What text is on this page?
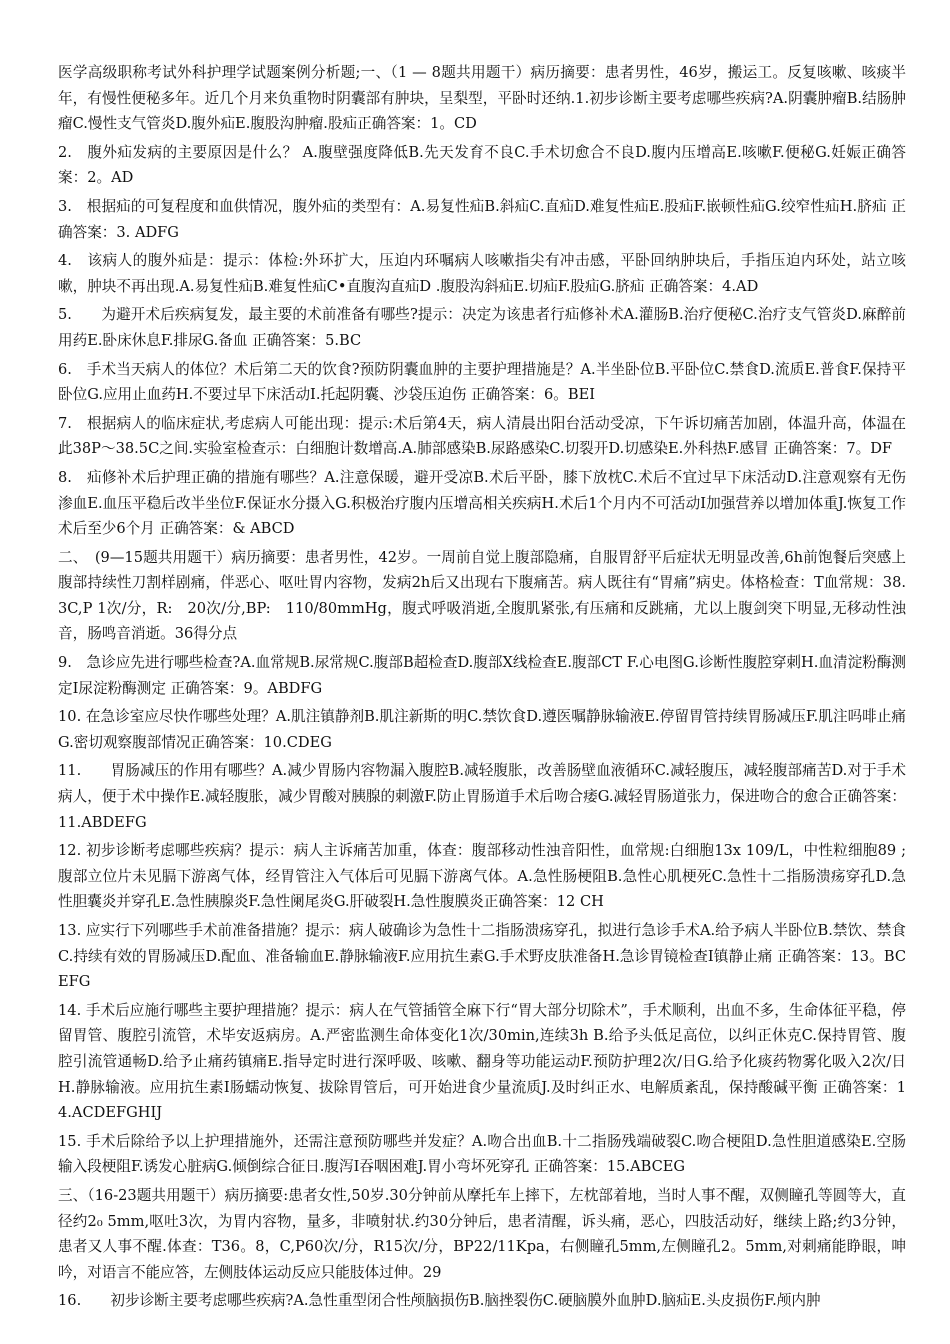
医学高级职称考试外科护理学试题案例分析题;一、（1 — 8题共用题干）病历摘要：患者男性，46岁，搬运工。反复咳嗽、咳痰半年，有慢性便秘多年。近几个月来负重物时阴囊部有肿块，呈梨型，平卧时还纳.1.初步诊断主要考虑哪些疾病?A.阴囊肿瘤B.结肠肿瘤C.慢性支气管炎D.腹外疝E.腹股沟肿瘤.股疝正确答案：1。CD

2.　腹外疝发病的主要原因是什么？ A.腹壁强度降低B.先天发育不良C.手术切愈合不良D.腹内压增高E.咳嗽F.便秘G.妊娠正确答案：2。AD

3.　根据疝的可复程度和血供情况，腹外疝的类型有：A.易复性疝B.斜疝C.直疝D.难复性疝E.股疝F.嵌顿性疝G.绞窄性疝H.脐疝 正确答案：3. ADFG

4.　该病人的腹外疝是：提示：体检:外环扩大，压迫内环嘱病人咳嗽指尖有冲击感，平卧回纳肿块后，手指压迫内环处，站立咳嗽，肿块不再出现.A.易复性疝B.难复性疝C•直腹沟直疝D .腹股沟斜疝E.切疝F.股疝G.脐疝 正确答案：4.AD

5.　　为避开术后疾病复发，最主要的术前准备有哪些?提示：决定为该患者行疝修补术A.灌肠B.治疗便秘C.治疗支气管炎D.麻醉前用药E.卧床休息F.排尿G.备血 正确答案：5.BC

6.　手术当天病人的体位？术后第二天的饮食?预防阴囊血肿的主要护理措施是？A.半坐卧位B.平卧位C.禁食D.流质E.普食F.保持平卧位G.应用止血药H.不要过早下床活动I.托起阴囊、沙袋压迫伤 正确答案：6。BEI

7.　根据病人的临床症状,考虑病人可能出现：提示:术后第4天，病人清晨出阳台活动受凉，下午诉切痛苦加剧，体温升高，体温在此38P〜38.5C之间.实验室检查示：白细胞计数增高.A.肺部感染B.尿路感染C.切裂开D.切感染E.外科热F.感冒 正确答案：7。DF

8.　疝修补术后护理正确的措施有哪些？A.注意保暖，避开受凉B.术后平卧，膝下放枕C.术后不宜过早下床活动D.注意观察有无伤渗血E.血压平稳后改半坐位F.保证水分摄入G.积极治疗腹内压增高相关疾病H.术后1个月内不可活动I加强营养以增加体重J.恢复工作术后至少6个月 正确答案：& ABCD

二、　(9—15题共用题干）病历摘要：患者男性，42岁。一周前自觉上腹部隐痛，自服胃舒平后症状无明显改善,6h前饱餐后突感上腹部持续性刀割样剧痛，伴恶心、呕吐胃内容物，发病2h后又出现右下腹痛苦。病人既往有“胃痛”病史。体格检查：T血常规：38.3C,P 1次/分，R:　20次/分,BP:　110/80mmHg，腹式呼吸消逝,全腹肌紧张,有压痛和反跳痛，尤以上腹剑突下明显,无移动性浊音，肠鸣音消逝。36得分点

9.　急诊应先进行哪些检查?A.血常规B.尿常规C.腹部B超检查D.腹部X线检查E.腹部CT F.心电图G.诊断性腹腔穿刺H.血清淀粉酶测定I尿淀粉酶测定 正确答案：9。ABDFG

10. 在急诊室应尽快作哪些处理？A.肌注镇静剂B.肌注新斯的明C.禁饮食D.遵医嘱静脉输液E.停留胃管持续胃肠减压F.肌注吗啡止痛G.密切观察腹部情况正确答案：10.CDEG

11.　　胃肠减压的作用有哪些？A.减少胃肠内容物漏入腹腔B.减轻腹胀，改善肠壁血液循环C.减轻腹压，减轻腹部痛苦D.对于手术病人，便于术中操作E.减轻腹胀，减少胃酸对胰腺的刺激F.防止胃肠道手术后吻合痿G.减轻胃肠道张力，保进吻合的愈合正确答案：11.ABDEFG

12. 初步诊断考虑哪些疾病？提示：病人主诉痛苦加重，体查：腹部移动性浊音阳性，血常规:白细胞13x 109/L，中性粒细胞89 ;腹部立位片未见膈下游离气体，经胃管注入气体后可见膈下游离气体。A.急性肠梗阻B.急性心肌梗死C.急性十二指肠溃疡穿孔D.急性胆囊炎并穿孔E.急性胰腺炎F.急性阑尾炎G.肝破裂H.急性腹膜炎正确答案：12 CH

13. 应实行下列哪些手术前准备措施？提示：病人破确诊为急性十二指肠溃疡穿孔，拟进行急诊手术A.给予病人半卧位B.禁饮、禁食C.持续有效的胃肠减压D.配血、准备输血E.静脉输液F.应用抗生素G.手术野皮肤准备H.急诊胃镜检查I镇静止痛 正确答案：13。BCEFG

14. 手术后应施行哪些主要护理措施？提示：病人在气管插管全麻下行“胃大部分切除术”，手术顺利，出血不多，生命体征平稳，停留胃管、腹腔引流管，术毕安返病房。A.严密监测生命体变化1次/30min,连续3h B.给予头低足高位，以纠正休克C.保持胃管、腹腔引流管通畅D.给予止痛药镇痛E.指导定时进行深呼吸、咳嗽、翻身等功能运动F.预防护理2次/日G.给予化痰药物雾化吸入2次/日H.静脉输液。应用抗生素I肠蠕动恢复、拔除胃管后，可开始进食少量流质J.及时纠正水、电解质紊乱，保持酸碱平衡 正确答案：14.ACDEFGHIJ

15. 手术后除给予以上护理措施外，还需注意预防哪些并发症？A.吻合出血B.十二指肠残端破裂C.吻合梗阻D.急性胆道感染E.空肠输入段梗阻F.诱发心脏病G.倾倒综合征日.腹泻I吞咽困难J.胃小弯坏死穿孔 正确答案：15.ABCEG

三、（16-23题共用题干）病历摘要:患者女性,50岁.30分钟前从摩托车上摔下，左枕部着地，当时人事不醒，双侧瞳孔等圆等大，直径约2₀ 5mm,呕吐3次，为胃内容物，量多，非喷射状.约30分钟后，患者清醒，诉头痛，恶心，四肢活动好，继续上路;约3分钟，患者又人事不醒.体查：T36。8，C,P60次/分，R15次/分，BP22/11Kpa，右侧瞳孔5mm,左侧瞳孔2。5mm,对刺痛能睁眼，呻吟，对语言不能应答，左侧肢体运动反应只能肢体过伸。29

16.　　初步诊断主要考虑哪些疾病?A.急性重型闭合性颅脑损伤B.脑挫裂伤C.硬脑膜外血肿D.脑疝E.头皮损伤F.颅内肿
